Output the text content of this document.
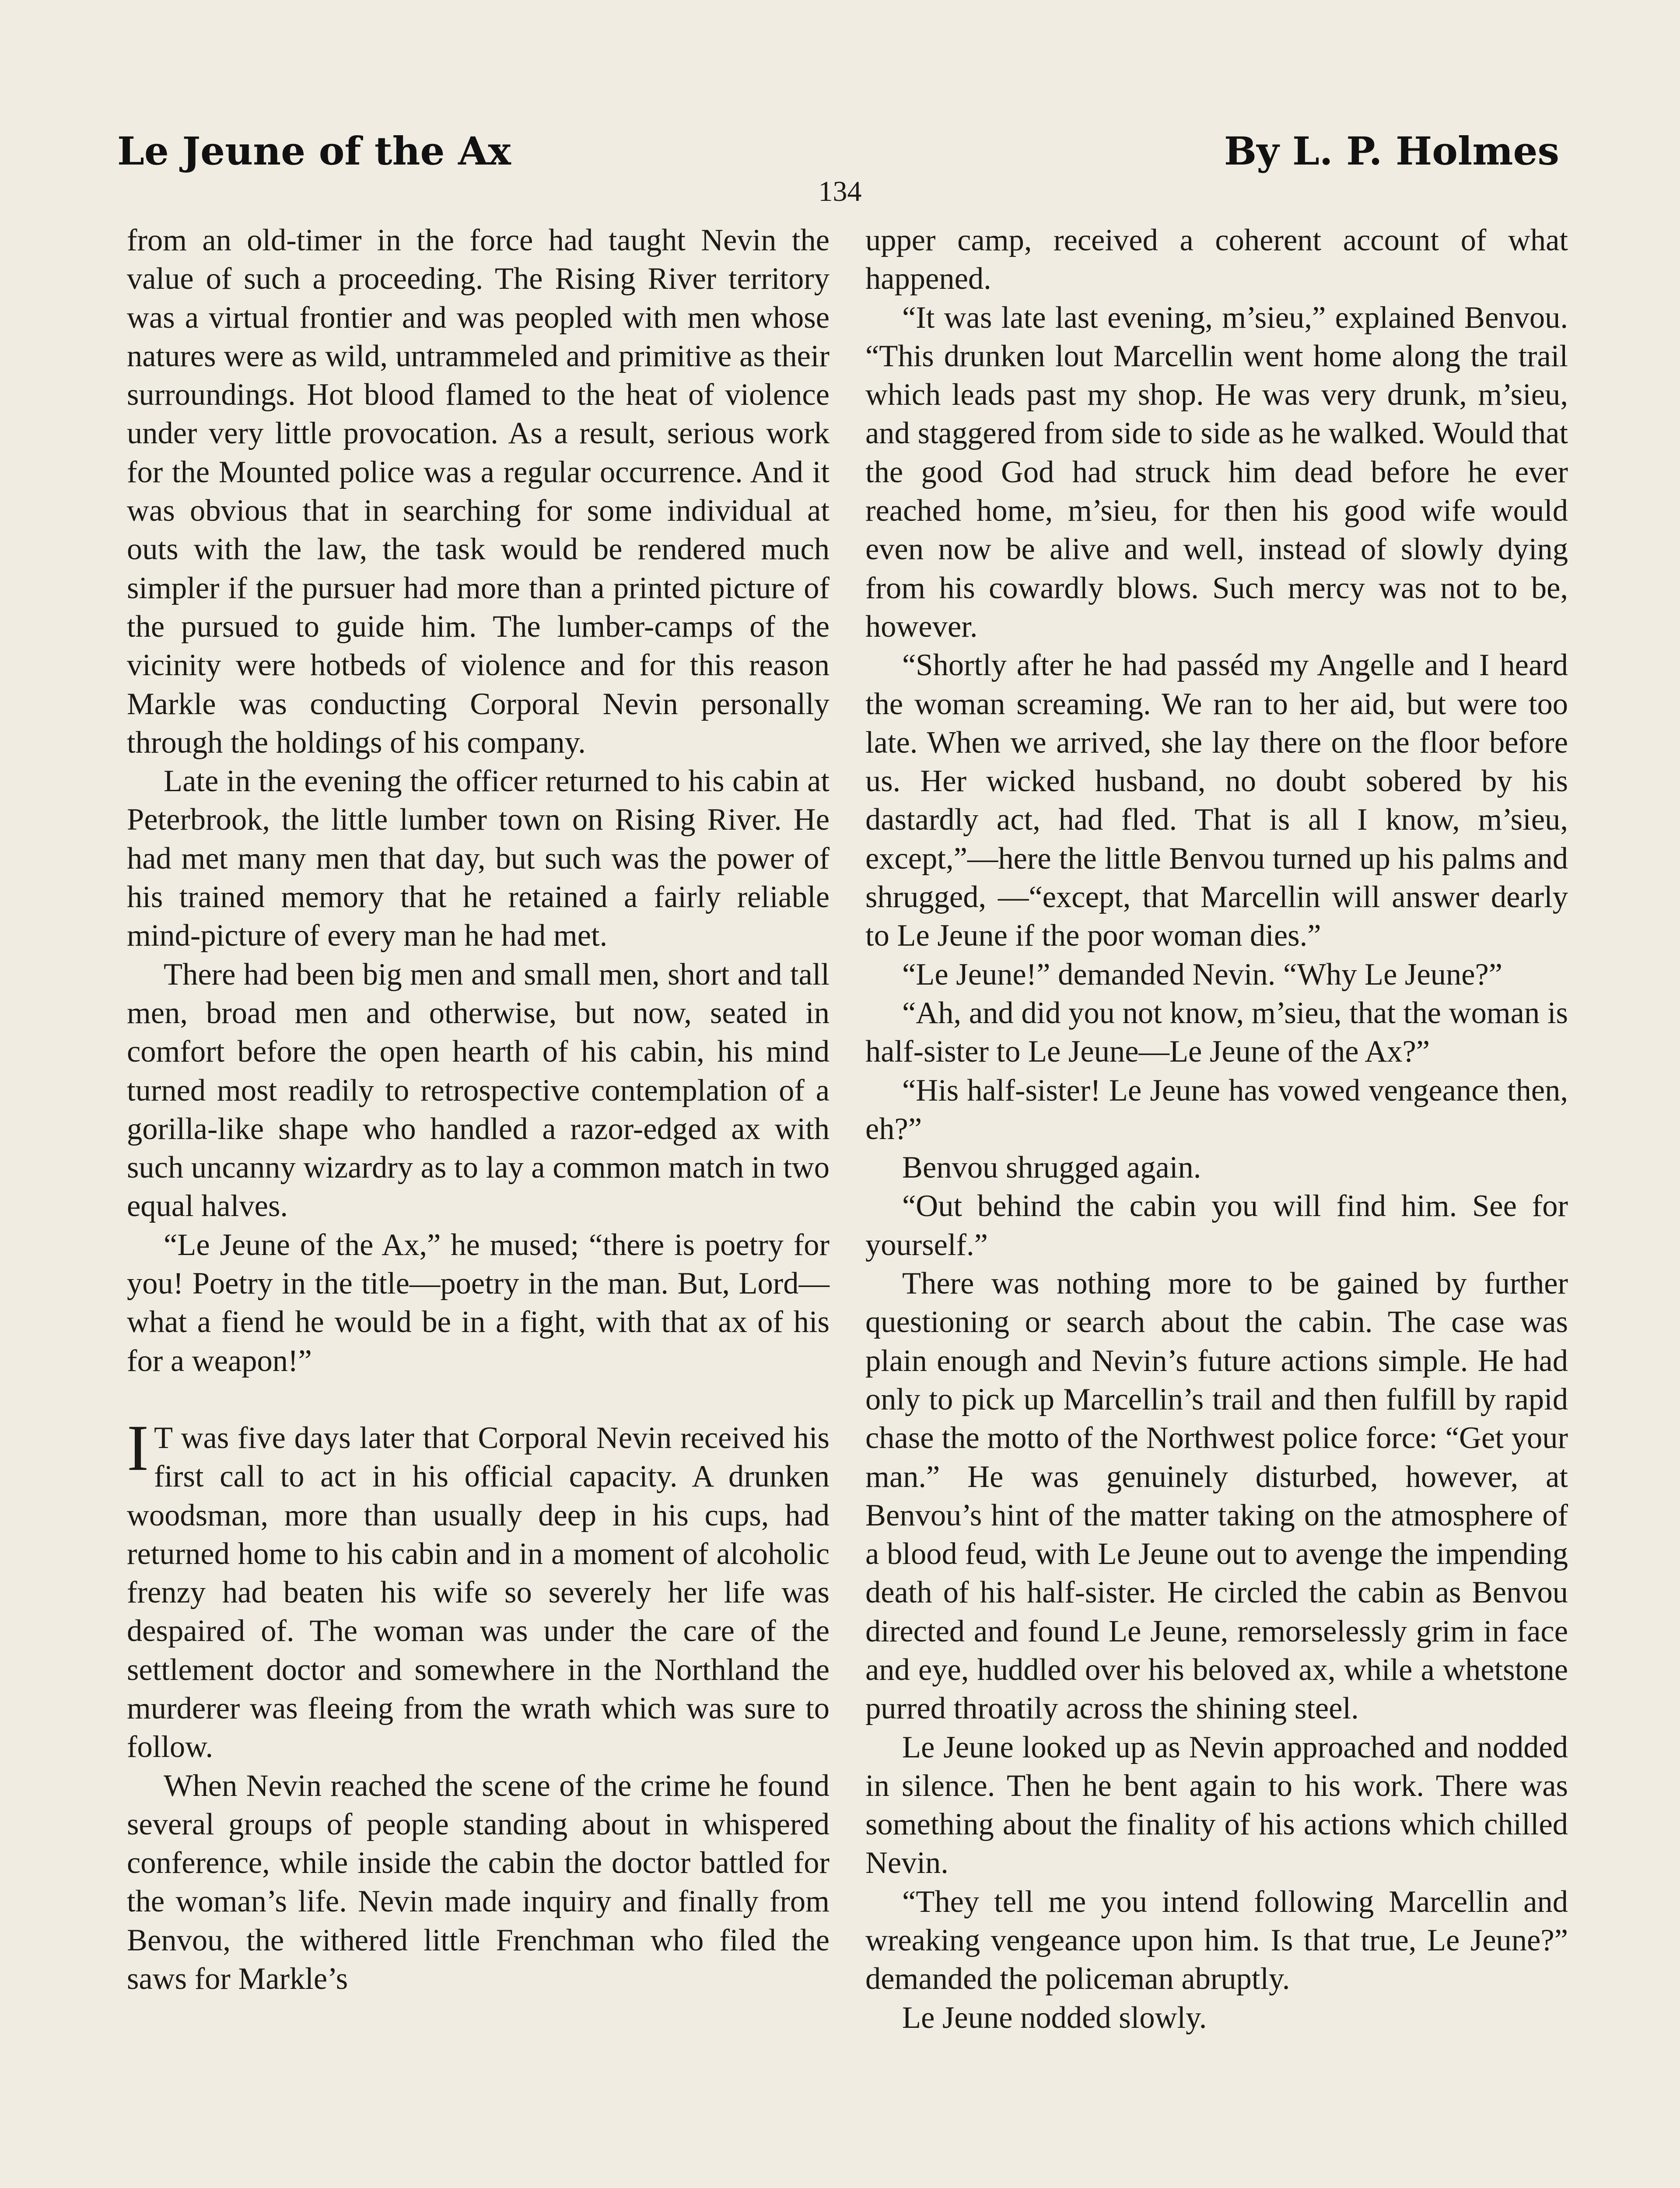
Le Jeune of the Ax	By L. P. Holmes
134

from an old-timer in the force had taught Nevin the value of such a proceeding. The Rising River territory was a virtual frontier and was peopled with men whose natures were as wild, untrammeled and primitive as their surroundings. Hot blood flamed to the heat of violence under very little provocation. As a result, serious work for the Mounted police was a regular occurrence. And it was obvious that in searching for some individual at outs with the law, the task would be rendered much simpler if the pursuer had more than a printed picture of the pursued to guide him. The lumber-camps of the vicinity were hotbeds of violence and for this reason Markle was conducting Corporal Nevin personally through the holdings of his company.

Late in the evening the officer returned to his cabin at Peterbrook, the little lumber town on Rising River. He had met many men that day, but such was the power of his trained memory that he retained a fairly reliable mind-picture of every man he had met.

There had been big men and small men, short and tall men, broad men and otherwise, but now, seated in comfort before the open hearth of his cabin, his mind turned most readily to retrospective contemplation of a gorilla-like shape who handled a razor-edged ax with such uncanny wizardry as to lay a common match in two equal halves.

“Le Jeune of the Ax,” he mused; “there is poetry for you! Poetry in the title—poetry in the man. But, Lord—what a fiend he would be in a fight, with that ax of his for a weapon!”

I T was five days later that Corporal Nevin received his first call to act in his official capacity. A drunken woodsman, more than usually deep in his cups, had returned home to his cabin and in a moment of alcoholic frenzy had beaten his wife so severely her life was despaired of. The woman was under the care of the settlement doctor and somewhere in the Northland the murderer was fleeing from the wrath which was sure to follow.

When Nevin reached the scene of the crime he found several groups of people standing about in whispered conference, while inside the cabin the doctor battled for the woman’s life. Nevin made inquiry and finally from Benvou, the withered little Frenchman who filed the saws for Markle’s

upper camp, received a coherent account of what happened.

“It was late last evening, m’sieu,” explained Benvou. “This drunken lout Marcellin went home along the trail which leads past my shop. He was very drunk, m’sieu, and staggered from side to side as he walked. Would that the good God had struck him dead before he ever reached home, m’sieu, for then his good wife would even now be alive and well, instead of slowly dying from his cowardly blows. Such mercy was not to be, however.

“Shortly after he had passéd my Angelle and I heard the woman screaming. We ran to her aid, but were too late. When we arrived, she lay there on the floor before us. Her wicked husband, no doubt sobered by his dastardly act, had fled. That is all I know, m’sieu, except,”—here the little Benvou turned up his palms and shrugged, —“except, that Marcellin will answer dearly to Le Jeune if the poor woman dies.”

“Le Jeune!” demanded Nevin. “Why Le Jeune?”

“Ah, and did you not know, m’sieu, that the woman is half-sister to Le Jeune—Le Jeune of the Ax?”

“His half-sister! Le Jeune has vowed vengeance then, eh?”

Benvou shrugged again.

“Out behind the cabin you will find him. See for yourself.”

There was nothing more to be gained by further questioning or search about the cabin. The case was plain enough and Nevin’s future actions simple. He had only to pick up Marcellin’s trail and then fulfill by rapid chase the motto of the Northwest police force: “Get your man.” He was genuinely disturbed, however, at Benvou’s hint of the matter taking on the atmosphere of a blood feud, with Le Jeune out to avenge the impending death of his half-sister. He circled the cabin as Benvou directed and found Le Jeune, remorselessly grim in face and eye, huddled over his beloved ax, while a whetstone purred throatily across the shining steel.

Le Jeune looked up as Nevin approached and nodded in silence. Then he bent again to his work. There was something about the finality of his actions which chilled Nevin.

“They tell me you intend following Marcellin and wreaking vengeance upon him. Is that true, Le Jeune?” demanded the policeman abruptly.

Le Jeune nodded slowly.
